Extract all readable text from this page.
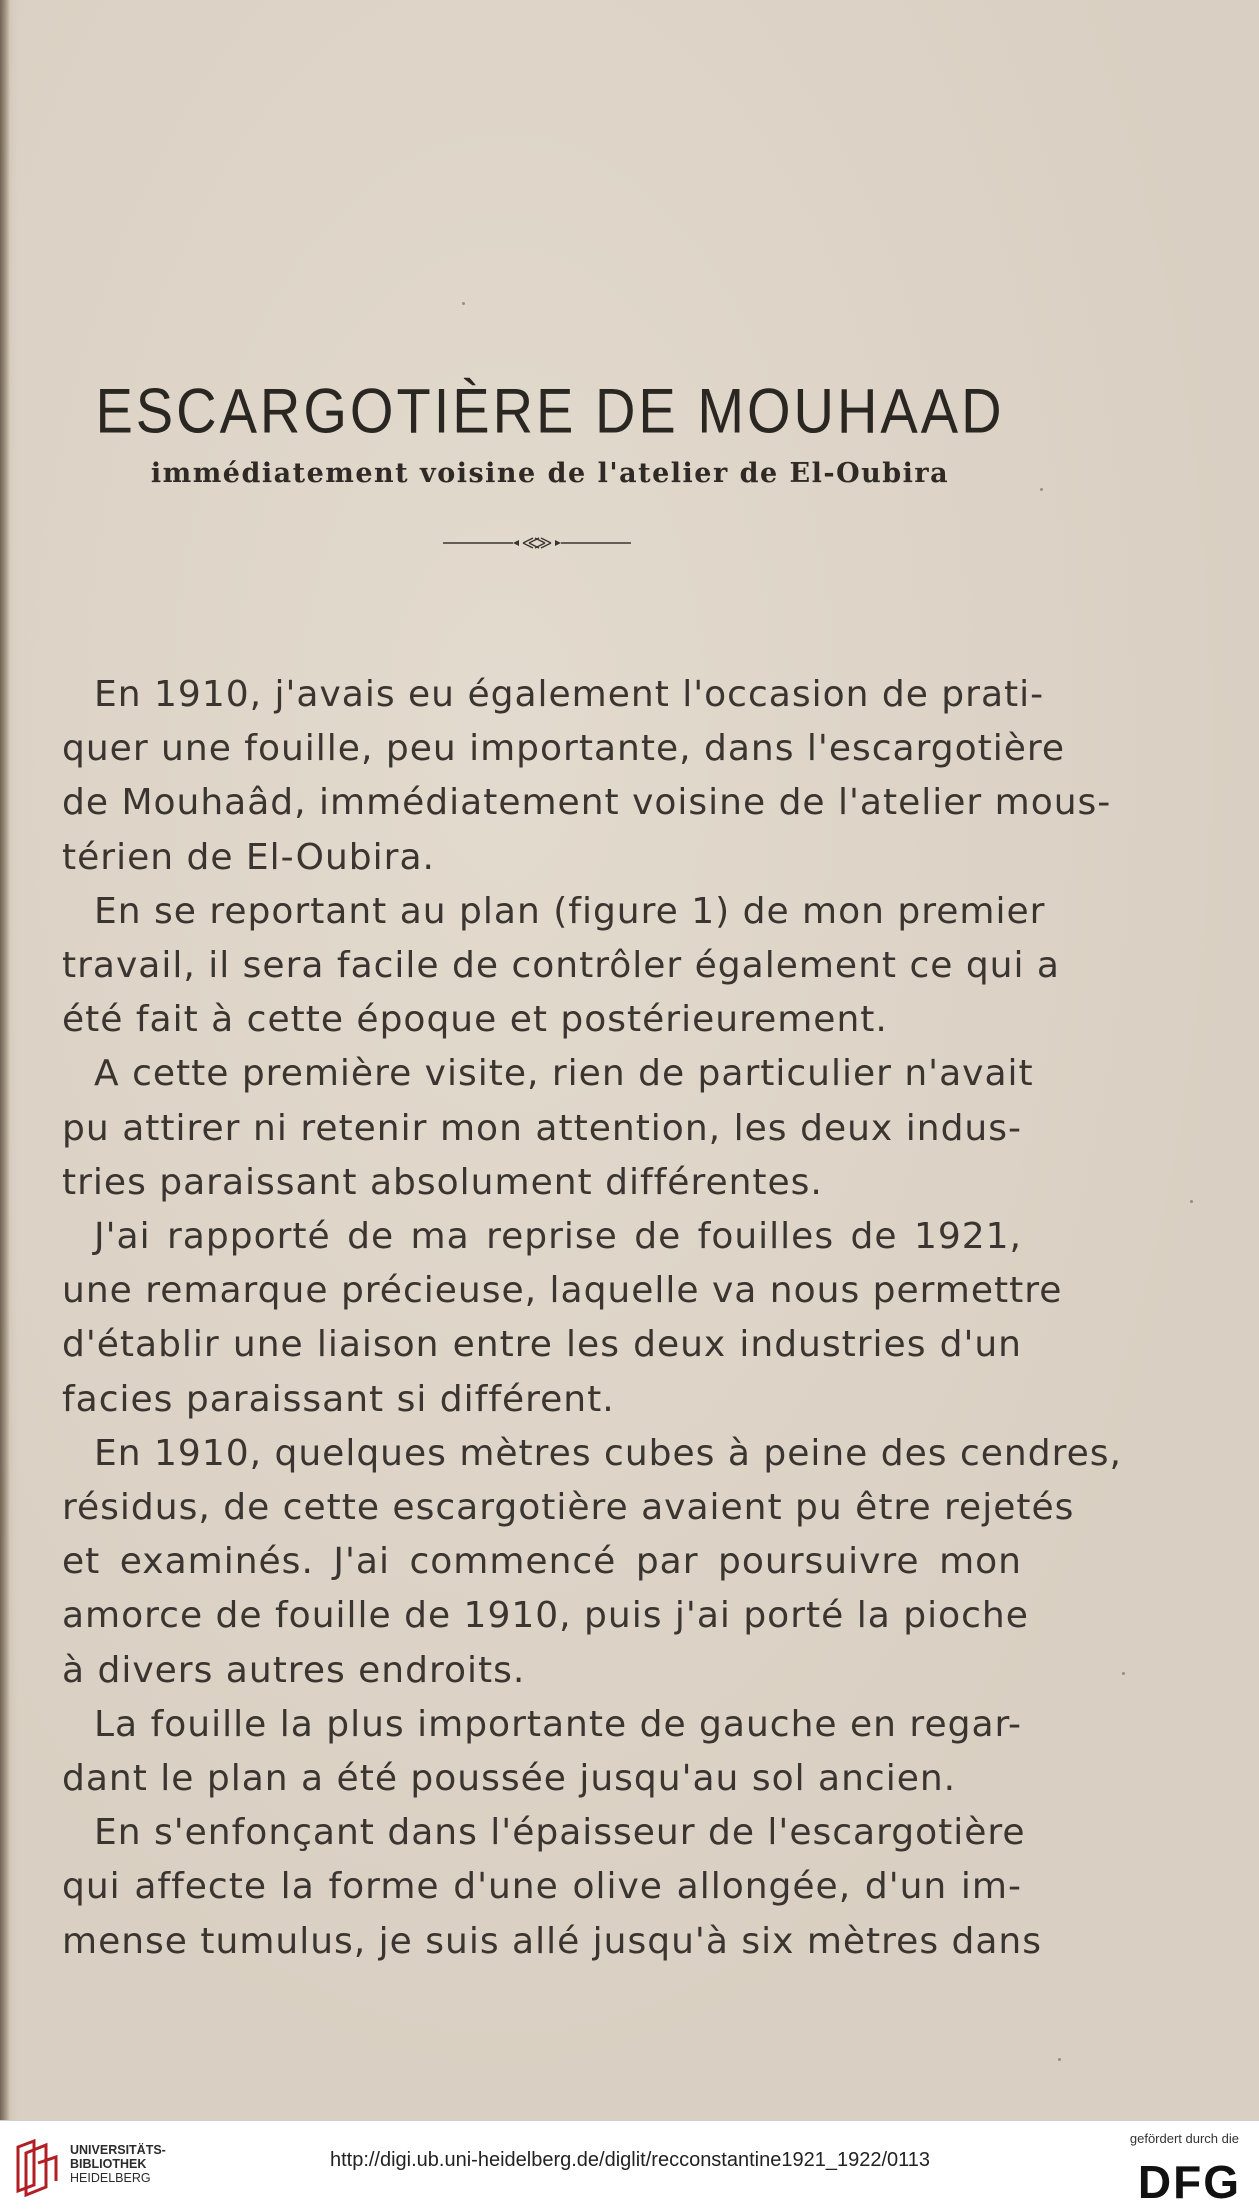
ESCARGOTIÈRE DE MOUHAAD
immédiatement voisine de l'atelier de El-Oubira

En 1910, j'avais eu également l'occasion de prati-
quer une fouille, peu importante, dans l'escargotière
de Mouhaâd, immédiatement voisine de l'atelier mous-
térien de El-Oubira.

En se reportant au plan (figure 1) de mon premier
travail, il sera facile de contrôler également ce qui a
été fait à cette époque et postérieurement.

A cette première visite, rien de particulier n'avait
pu attirer ni retenir mon attention, les deux indus-
tries paraissant absolument différentes.

J'ai rapporté de ma reprise de fouilles de 1921,
une remarque précieuse, laquelle va nous permettre
d'établir une liaison entre les deux industries d'un
facies paraissant si différent.

En 1910, quelques mètres cubes à peine des cendres,
résidus, de cette escargotière avaient pu être rejetés
et examinés. J'ai commencé par poursuivre mon
amorce de fouille de 1910, puis j'ai porté la pioche
à divers autres endroits.

La fouille la plus importante de gauche en regar-
dant le plan a été poussée jusqu'au sol ancien.

En s'enfonçant dans l'épaisseur de l'escargotière
qui affecte la forme d'une olive allongée, d'un im-
mense tumulus, je suis allé jusqu'à six mètres dans

UNIVERSITÄTS-
BIBLIOTHEK
HEIDELBERG
http://digi.ub.uni-heidelberg.de/diglit/recconstantine1921_1922/0113
gefördert durch die
DFG
